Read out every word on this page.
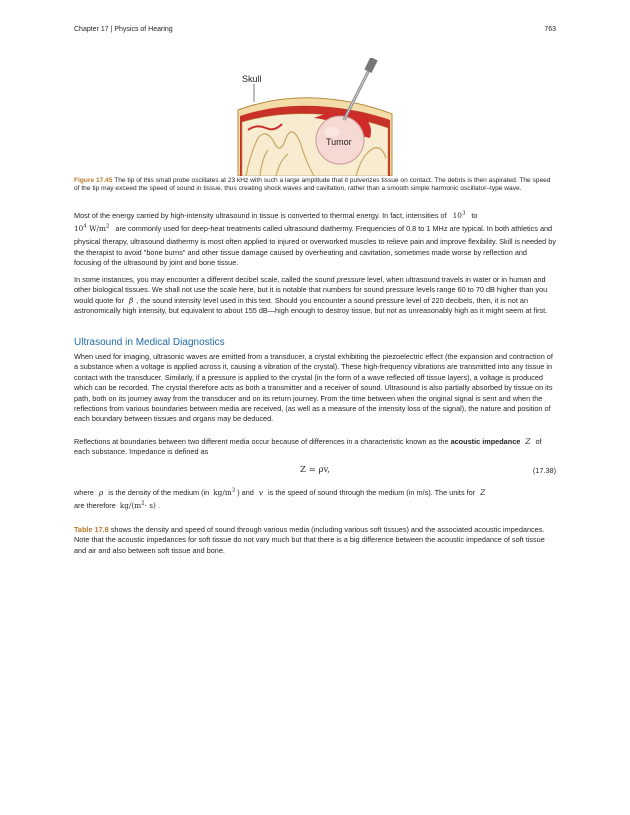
Chapter 17 | Physics of Hearing	763
Skull
Tumor
Figure 17.45 The tip of this small probe oscillates at 23 kHz with such a large amplitude that it pulverizes tissue on contact. The debris is then aspirated. The speed of the tip may exceed the speed of sound in tissue, thus creating shock waves and cavitation, rather than a smooth simple harmonic oscillator–type wave.

Most of the energy carried by high-intensity ultrasound in tissue is converted to thermal energy. In fact, intensities of $10^3$ to
$10^4$ $W/m^2$ are commonly used for deep-heat treatments called ultrasound diathermy. Frequencies of 0.8 to 1 MHz are typical. In both athletics and physical therapy, ultrasound diathermy is most often applied to injured or overworked muscles to relieve pain and improve flexibility. Skill is needed by the therapist to avoid "bone burns" and other tissue damage caused by overheating and cavitation, sometimes made worse by reflection and focusing of the ultrasound by joint and bone tissue.

In some instances, you may encounter a different decibel scale, called the sound pressure level, when ultrasound travels in water or in human and other biological tissues. We shall not use the scale here, but it is notable that numbers for sound pressure levels range 60 to 70 dB higher than you would quote for β , the sound intensity level used in this text. Should you encounter a sound pressure level of 220 decibels, then, it is not an astronomically high intensity, but equivalent to about 155 dB—high enough to destroy tissue, but not as unreasonably high as it might seem at first.

Ultrasound in Medical Diagnostics

When used for imaging, ultrasonic waves are emitted from a transducer, a crystal exhibiting the piezoelectric effect (the expansion and contraction of a substance when a voltage is applied across it, causing a vibration of the crystal). These high-frequency vibrations are transmitted into any tissue in contact with the transducer. Similarly, if a pressure is applied to the crystal (in the form of a wave reflected off tissue layers), a voltage is produced which can be recorded. The crystal therefore acts as both a transmitter and a receiver of sound. Ultrasound is also partially absorbed by tissue on its path, both on its journey away from the transducer and on its return journey. From the time between when the original signal is sent and when the reflections from various boundaries between media are received, (as well as a measure of the intensity loss of the signal), the nature and position of each boundary between tissues and organs may be deduced.

Reflections at boundaries between two different media occur because of differences in a characteristic known as the acoustic impedance Z of each substance. Impedance is defined as

Z = ρv,	(17.38)

where ρ is the density of the medium (in $kg/m^3$ ) and v is the speed of sound through the medium (in m/s). The units for Z
are therefore $kg/(m^2\cdot s)$ .

Table 17.8 shows the density and speed of sound through various media (including various soft tissues) and the associated acoustic impedances. Note that the acoustic impedances for soft tissue do not vary much but that there is a big difference between the acoustic impedance of soft tissue and air and also between soft tissue and bone.
